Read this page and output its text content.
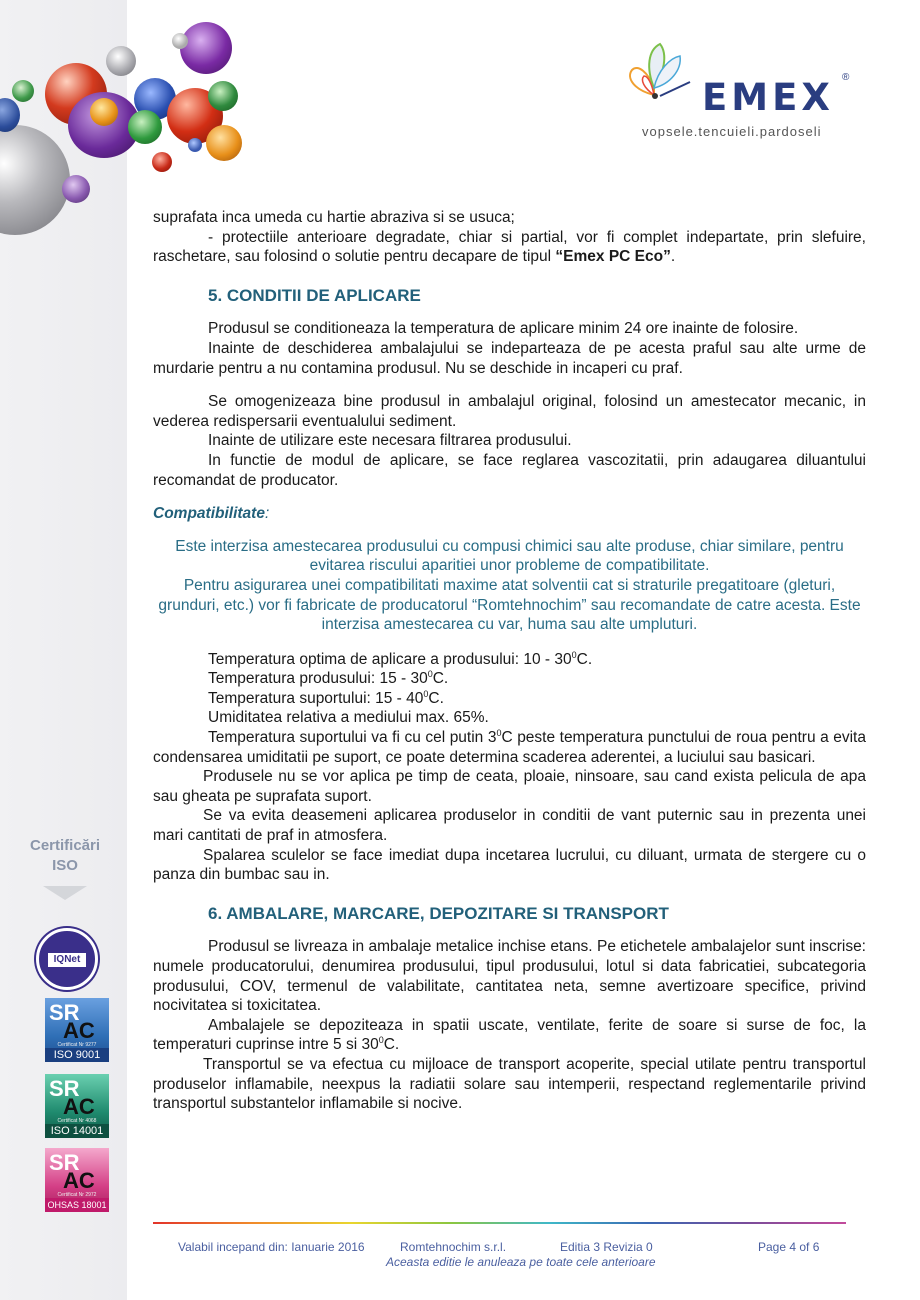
EMEX ®
vopsele.tencuieli.pardoseli
Certificări
ISO
IQNet
SR
AC
Certificat Nr 9277
ISO 9001
SR
AC
Certificat Nr 4068
ISO 14001
SR
AC
Certificat Nr 2972
OHSAS 18001

suprafata inca umeda cu hartie abraziva si se usuca;

- protectiile anterioare degradate, chiar si partial, vor fi complet indepartate, prin slefuire, raschetare, sau folosind o solutie pentru decapare de tipul “Emex PC Eco”.

5. CONDITII DE APLICARE

Produsul se conditioneaza la temperatura de aplicare minim 24 ore inainte de folosire.

Inainte de deschiderea ambalajului se indeparteaza de pe acesta praful sau alte urme de murdarie pentru a nu contamina produsul. Nu se deschide in incaperi cu praf.

Se omogenizeaza bine produsul in ambalajul original, folosind un amestecator mecanic, in vederea redispersarii eventualului sediment.

Inainte de utilizare este necesara filtrarea produsului.

In functie de modul de aplicare, se face reglarea vascozitatii, prin adaugarea diluantului recomandat de producator.

Compatibilitate:

Este interzisa amestecarea produsului cu compusi chimici sau alte produse, chiar similare, pentru evitarea riscului aparitiei unor probleme de compatibilitate.

Pentru asigurarea unei compatibilitati maxime atat solventii cat si straturile pregatitoare (gleturi, grunduri, etc.) vor fi fabricate de producatorul “Romtehnochim” sau recomandate de catre acesta. Este interzisa amestecarea cu var, huma sau alte umpluturi.

Temperatura optima de aplicare a produsului: $10 - 30^0C$.

Temperatura produsului: $15 - 30^0C$.

Temperatura suportului: $15 - 40^0C$.

Umiditatea relativa a mediului max. 65%.

Temperatura suportului va fi cu cel putin $3^0C$ peste temperatura punctului de roua pentru a evita condensarea umiditatii pe suport, ce poate determina scaderea aderentei, a luciului sau basicari.

Produsele nu se vor aplica pe timp de ceata, ploaie, ninsoare, sau cand exista pelicula de apa sau gheata pe suprafata suport.

Se va evita deasemeni aplicarea produselor in conditii de vant puternic sau in prezenta unei mari cantitati de praf in atmosfera.

Spalarea sculelor se face imediat dupa incetarea lucrului, cu diluant, urmata de stergere cu o panza din bumbac sau in.

6. AMBALARE, MARCARE, DEPOZITARE SI TRANSPORT

Produsul se livreaza in ambalaje metalice inchise etans. Pe etichetele ambalajelor sunt inscrise: numele producatorului, denumirea produsului, tipul produsului, lotul si data fabricatiei, subcategoria produsului, COV, termenul de valabilitate, cantitatea neta, semne avertizoare specifice, privind nocivitatea si toxicitatea.

Ambalajele se depoziteaza in spatii uscate, ventilate, ferite de soare si surse de foc, la temperaturi cuprinse intre 5 si $30^0C$.

Transportul se va efectua cu mijloace de transport acoperite, special utilate pentru transportul produselor inflamabile, neexpus la radiatii solare sau intemperii, respectand reglementarile privind transportul substantelor inflamabile si nocive.

Valabil incepand din: Ianuarie 2016	Romtehnochim s.r.l.	Editia 3 Revizia 0	Page 4 of 6
Aceasta editie le anuleaza pe toate cele anterioare
